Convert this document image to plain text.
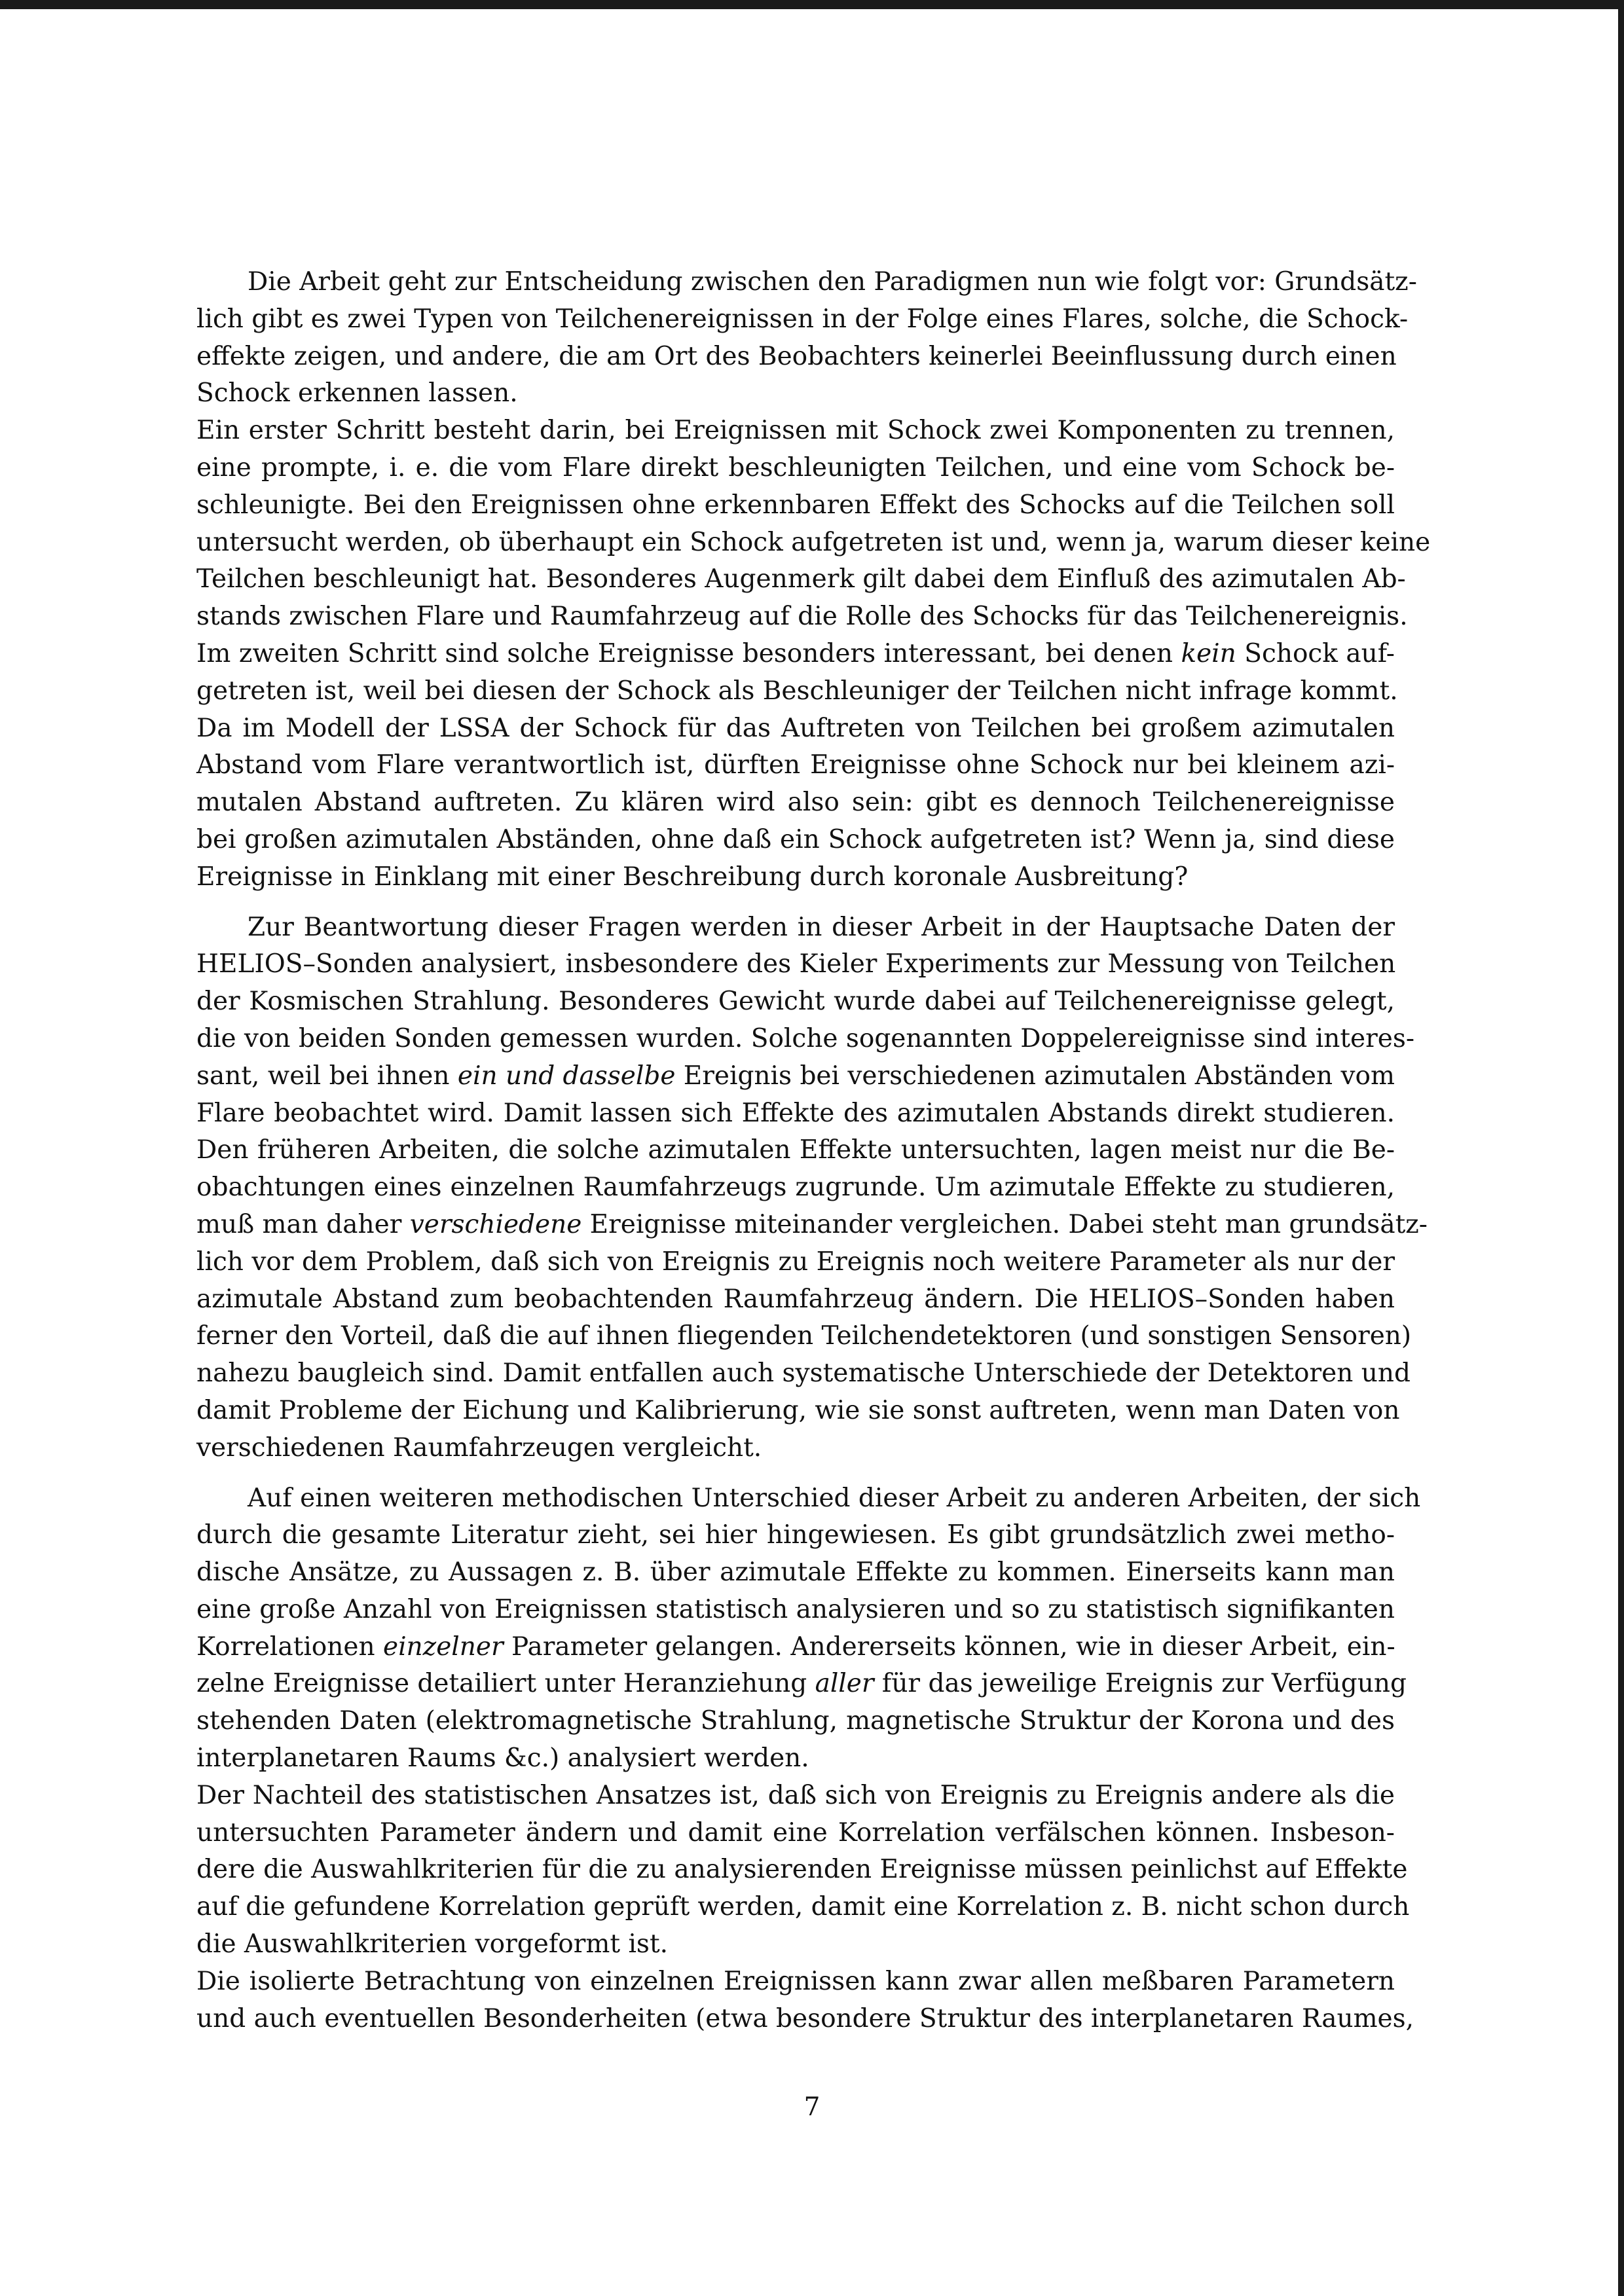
Die Arbeit geht zur Entscheidung zwischen den Paradigmen nun wie folgt vor: Grundsätz-
lich gibt es zwei Typen von Teilchenereignissen in der Folge eines Flares, solche, die Schock-
effekte zeigen, und andere, die am Ort des Beobachters keinerlei Beeinflussung durch einen
Schock erkennen lassen.
Ein erster Schritt besteht darin, bei Ereignissen mit Schock zwei Komponenten zu trennen,
eine prompte, i. e. die vom Flare direkt beschleunigten Teilchen, und eine vom Schock be-
schleunigte. Bei den Ereignissen ohne erkennbaren Effekt des Schocks auf die Teilchen soll
untersucht werden, ob überhaupt ein Schock aufgetreten ist und, wenn ja, warum dieser keine
Teilchen beschleunigt hat. Besonderes Augenmerk gilt dabei dem Einfluß des azimutalen Ab-
stands zwischen Flare und Raumfahrzeug auf die Rolle des Schocks für das Teilchenereignis.
Im zweiten Schritt sind solche Ereignisse besonders interessant, bei denen kein Schock auf-
getreten ist, weil bei diesen der Schock als Beschleuniger der Teilchen nicht infrage kommt.
Da im Modell der LSSA der Schock für das Auftreten von Teilchen bei großem azimutalen
Abstand vom Flare verantwortlich ist, dürften Ereignisse ohne Schock nur bei kleinem azi-
mutalen Abstand auftreten. Zu klären wird also sein: gibt es dennoch Teilchenereignisse
bei großen azimutalen Abständen, ohne daß ein Schock aufgetreten ist? Wenn ja, sind diese
Ereignisse in Einklang mit einer Beschreibung durch koronale Ausbreitung?
Zur Beantwortung dieser Fragen werden in dieser Arbeit in der Hauptsache Daten der
HELIOS–Sonden analysiert, insbesondere des Kieler Experiments zur Messung von Teilchen
der Kosmischen Strahlung. Besonderes Gewicht wurde dabei auf Teilchenereignisse gelegt,
die von beiden Sonden gemessen wurden. Solche sogenannten Doppelereignisse sind interes-
sant, weil bei ihnen ein und dasselbe Ereignis bei verschiedenen azimutalen Abständen vom
Flare beobachtet wird. Damit lassen sich Effekte des azimutalen Abstands direkt studieren.
Den früheren Arbeiten, die solche azimutalen Effekte untersuchten, lagen meist nur die Be-
obachtungen eines einzelnen Raumfahrzeugs zugrunde. Um azimutale Effekte zu studieren,
muß man daher verschiedene Ereignisse miteinander vergleichen. Dabei steht man grundsätz-
lich vor dem Problem, daß sich von Ereignis zu Ereignis noch weitere Parameter als nur der
azimutale Abstand zum beobachtenden Raumfahrzeug ändern. Die HELIOS–Sonden haben
ferner den Vorteil, daß die auf ihnen fliegenden Teilchendetektoren (und sonstigen Sensoren)
nahezu baugleich sind. Damit entfallen auch systematische Unterschiede der Detektoren und
damit Probleme der Eichung und Kalibrierung, wie sie sonst auftreten, wenn man Daten von
verschiedenen Raumfahrzeugen vergleicht.
Auf einen weiteren methodischen Unterschied dieser Arbeit zu anderen Arbeiten, der sich
durch die gesamte Literatur zieht, sei hier hingewiesen. Es gibt grundsätzlich zwei metho-
dische Ansätze, zu Aussagen z. B. über azimutale Effekte zu kommen. Einerseits kann man
eine große Anzahl von Ereignissen statistisch analysieren und so zu statistisch signifikanten
Korrelationen einzelner Parameter gelangen. Andererseits können, wie in dieser Arbeit, ein-
zelne Ereignisse detailiert unter Heranziehung aller für das jeweilige Ereignis zur Verfügung
stehenden Daten (elektromagnetische Strahlung, magnetische Struktur der Korona und des
interplanetaren Raums &c.) analysiert werden.
Der Nachteil des statistischen Ansatzes ist, daß sich von Ereignis zu Ereignis andere als die
untersuchten Parameter ändern und damit eine Korrelation verfälschen können. Insbeson-
dere die Auswahlkriterien für die zu analysierenden Ereignisse müssen peinlichst auf Effekte
auf die gefundene Korrelation geprüft werden, damit eine Korrelation z. B. nicht schon durch
die Auswahlkriterien vorgeformt ist.
Die isolierte Betrachtung von einzelnen Ereignissen kann zwar allen meßbaren Parametern
und auch eventuellen Besonderheiten (etwa besondere Struktur des interplanetaren Raumes,
7
